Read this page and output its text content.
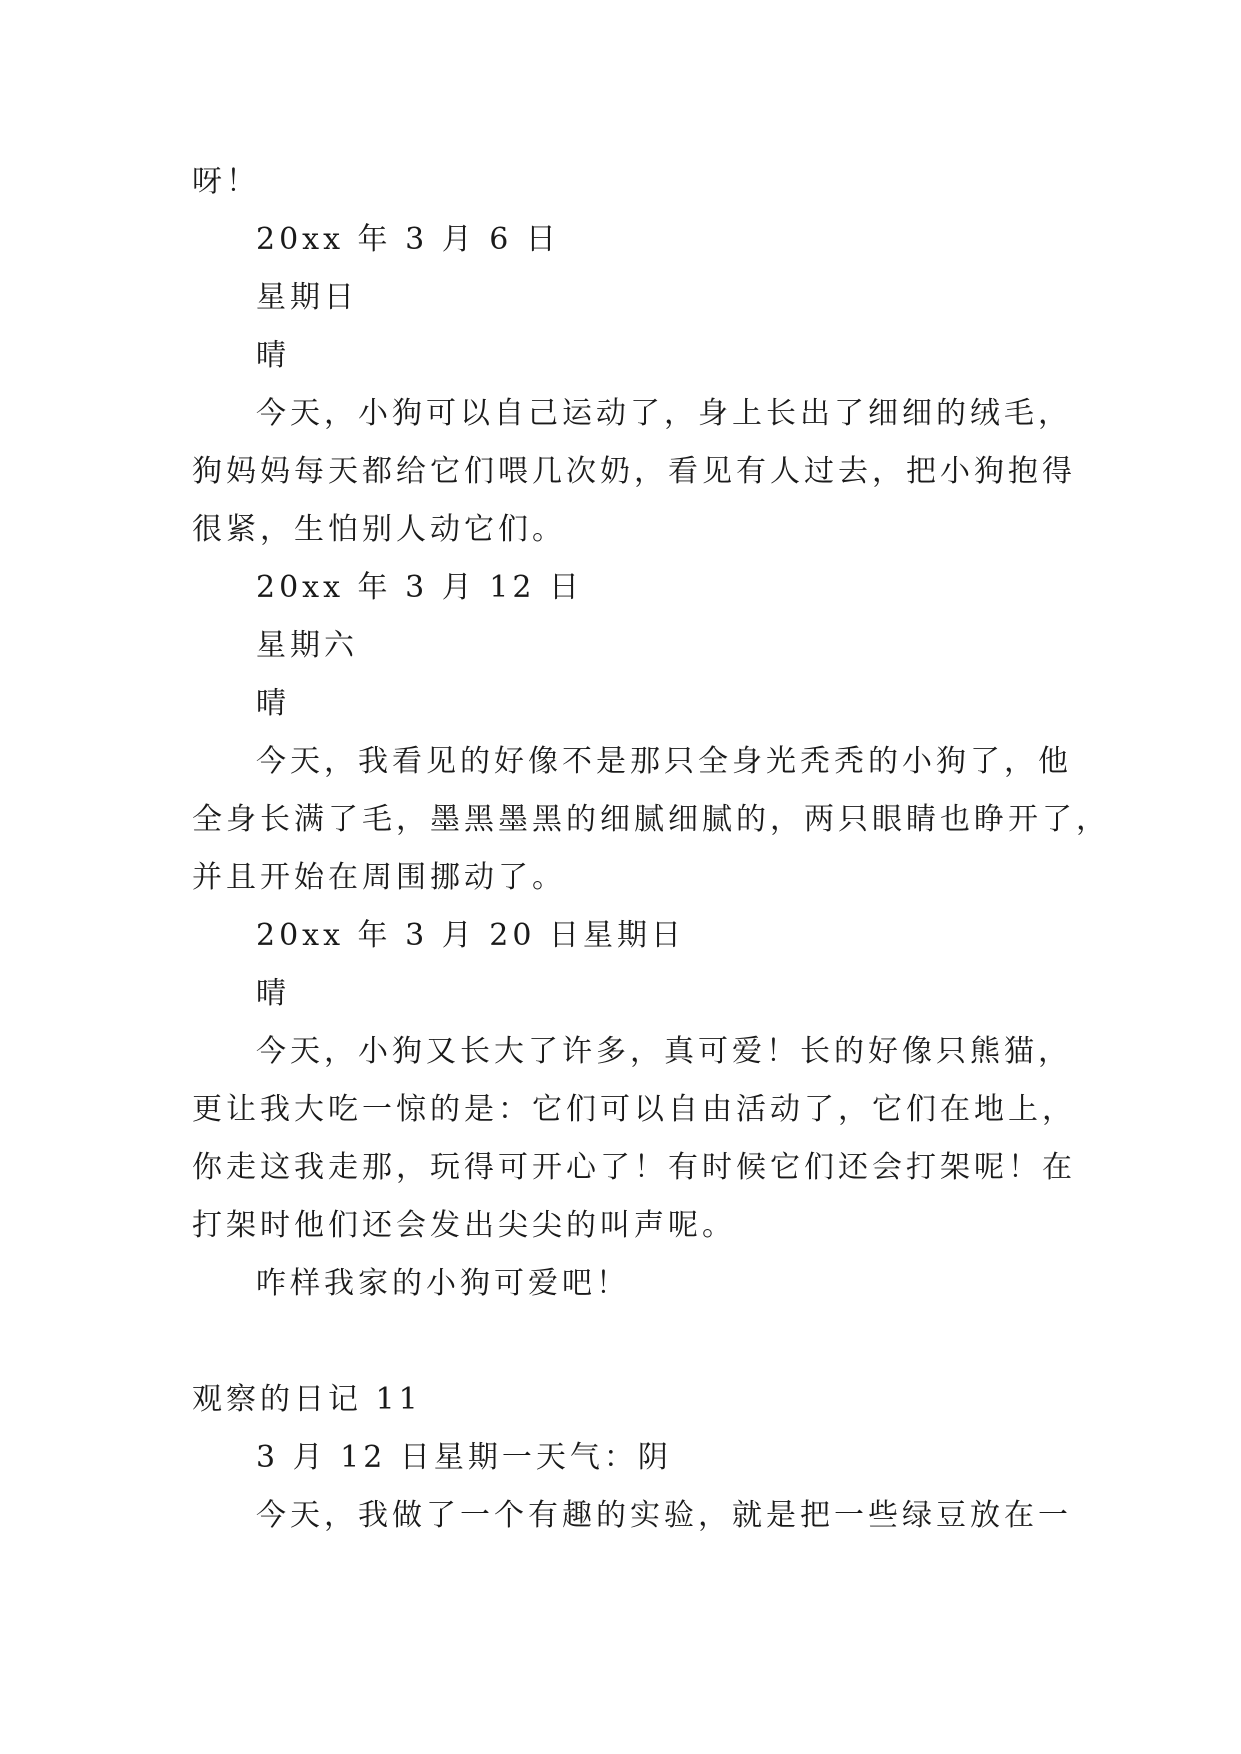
呀！
20xx 年 3 月 6 日
星期日
晴
今天，小狗可以自己运动了，身上长出了细细的绒毛，
狗妈妈每天都给它们喂几次奶，看见有人过去，把小狗抱得
很紧，生怕别人动它们。
20xx 年 3 月 12 日
星期六
晴
今天，我看见的好像不是那只全身光秃秃的小狗了，他
全身长满了毛，墨黑墨黑的细腻细腻的，两只眼睛也睁开了，
并且开始在周围挪动了。
20xx 年 3 月 20 日星期日
晴
今天，小狗又长大了许多，真可爱！长的好像只熊猫，
更让我大吃一惊的是：它们可以自由活动了，它们在地上，
你走这我走那，玩得可开心了！有时候它们还会打架呢！在
打架时他们还会发出尖尖的叫声呢。
咋样我家的小狗可爱吧！
观察的日记 11
3 月 12 日星期一天气：阴
今天，我做了一个有趣的实验，就是把一些绿豆放在一
